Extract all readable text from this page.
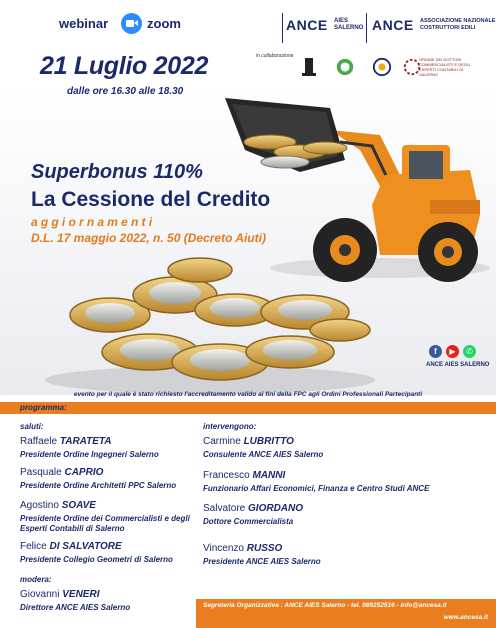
webinar	zoom
21 Luglio 2022
dalle ore 16.30 alle 18.30
ANCE AIES SALERNO ANCE ASSOCIAZIONE NAZIONALE COSTRUTTORI EDILI
in collaborazione
ORDINE DEI DOTTORI COMMERCIALISTI E DEGLI ESPERTI CONTABILI DI SALERNO
Superbonus 110%
La Cessione del Credito
aggiornamenti
D.L. 17 maggio 2022, n. 50 (Decreto Aiuti)
f	▶	✆
ANCE AIES SALERNO
evento per il quale è stato richiesto l'accreditamento valido ai fini della FPC agli Ordini Professionali Partecipanti
programma:
saluti:	intervengono:
Raffaele TARATETA
Presidente Ordine Ingegneri Salerno
Pasquale CAPRIO
Presidente Ordine Architetti PPC Salerno
Agostino SOAVE
Presidente Ordine dei Commercialisti e degli Esperti Contabili di Salerno
Felice DI SALVATORE
Presidente Collegio Geometri di Salerno
modera:
Giovanni VENERI
Direttore ANCE AIES Salerno
Carmine LUBRITTO
Consulente ANCE AIES Salerno
Francesco MANNI
Funzionario Affari Economici, Finanza e Centro Studi ANCE
Salvatore GIORDANO
Dottore Commercialista
Vincenzo RUSSO
Presidente ANCE AIES Salerno
Segreteria Organizzativa : ANCE AIES Salerno - tel. 089252516 - info@ancesa.it
www.ancesa.it
